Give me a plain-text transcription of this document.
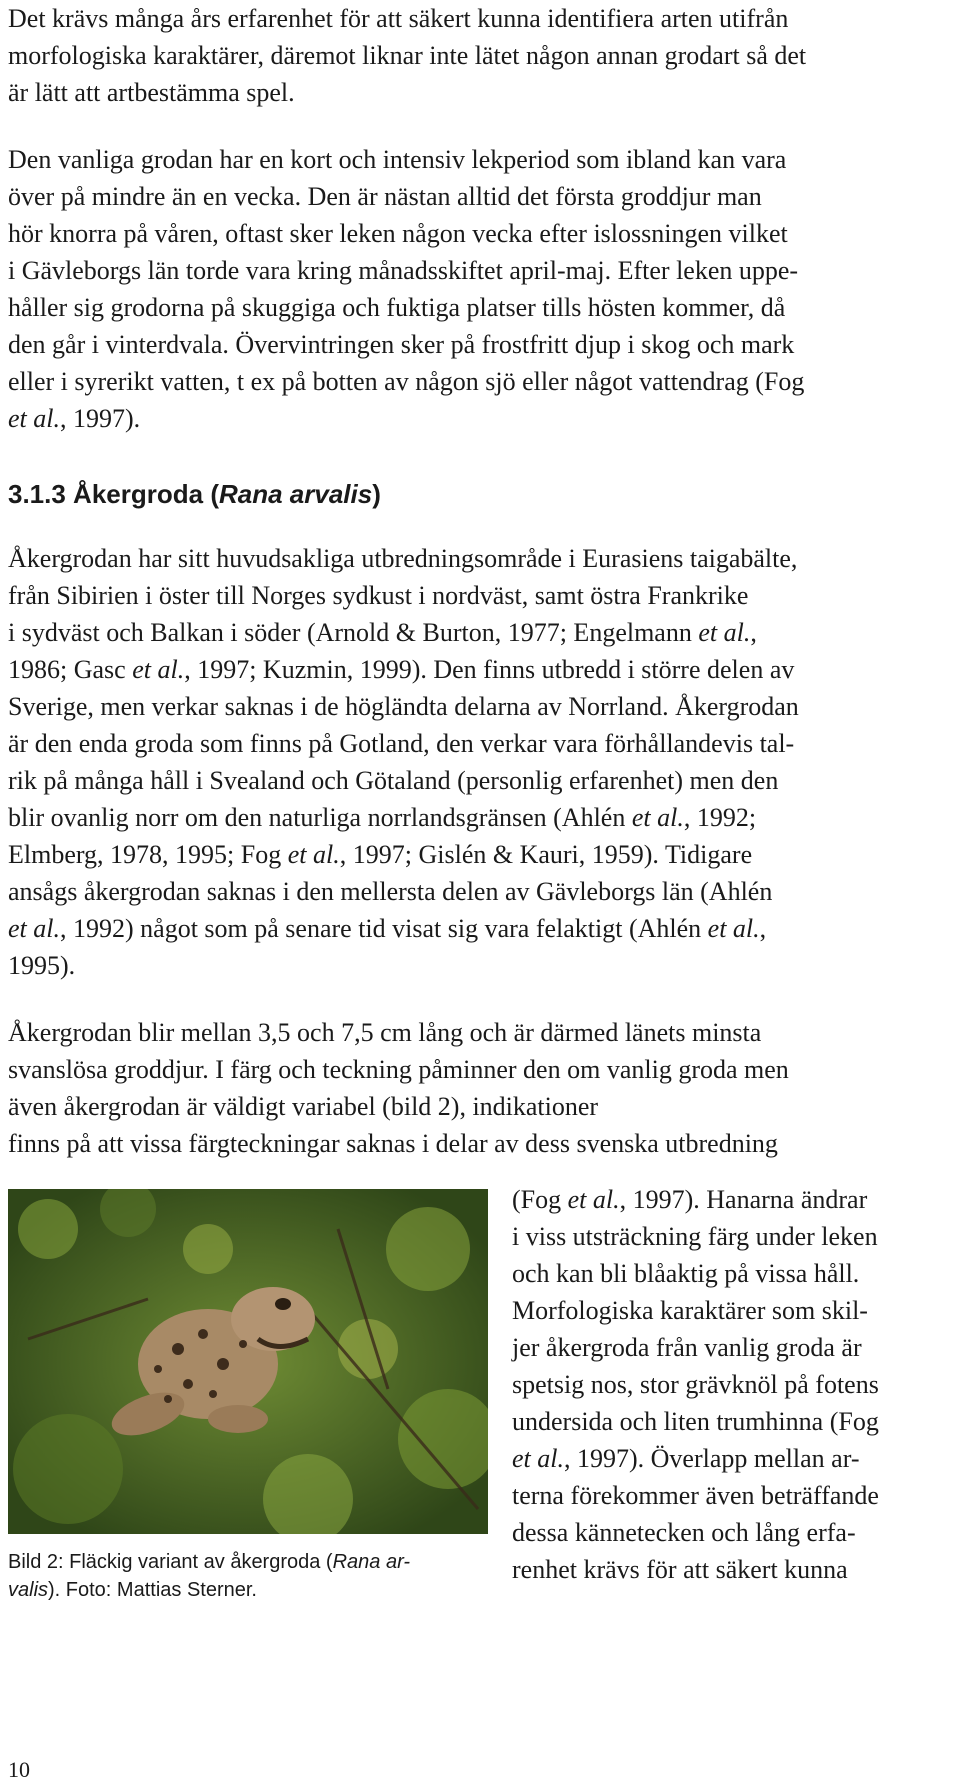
Det krävs många års erfarenhet för att säkert kunna identifiera arten utifrån
morfologiska karaktärer, däremot liknar inte lätet någon annan grodart så det
är lätt att artbestämma spel.

Den vanliga grodan har en kort och intensiv lekperiod som ibland kan vara
över på mindre än en vecka. Den är nästan alltid det första groddjur man
hör knorra på våren, oftast sker leken någon vecka efter islossningen vilket
i Gävleborgs län torde vara kring månadsskiftet april-maj. Efter leken uppe-
håller sig grodorna på skuggiga och fuktiga platser tills hösten kommer, då
den går i vinterdvala. Övervintringen sker på frostfritt djup i skog och mark
eller i syrerikt vatten, t ex på botten av någon sjö eller något vattendrag (Fog
et al., 1997).

3.1.3 Åkergroda (Rana arvalis)

Åkergrodan har sitt huvudsakliga utbredningsområde i Eurasiens taigabälte,
från Sibirien i öster till Norges sydkust i nordväst, samt östra Frankrike
i sydväst och Balkan i söder (Arnold & Burton, 1977; Engelmann et al.,
1986; Gasc et al., 1997; Kuzmin, 1999). Den finns utbredd i större delen av
Sverige, men verkar saknas i de högländta delarna av Norrland. Åkergrodan
är den enda groda som finns på Gotland, den verkar vara förhållandevis tal-
rik på många håll i Svealand och Götaland (personlig erfarenhet) men den
blir ovanlig norr om den naturliga norrlandsgränsen (Ahlén et al., 1992;
Elmberg, 1978, 1995; Fog et al., 1997; Gislén & Kauri, 1959). Tidigare
ansågs åkergrodan saknas i den mellersta delen av Gävleborgs län (Ahlén
et al., 1992) något som på senare tid visat sig vara felaktigt (Ahlén et al.,
1995).

Åkergrodan blir mellan 3,5 och 7,5 cm lång och är därmed länets minsta
svanslösa groddjur. I färg och teckning påminner den om vanlig groda men
även åkergrodan är väldigt variabel (bild 2), indikationer
finns på att vissa färgteckningar saknas i delar av dess svenska utbredning

Bild 2: Fläckig variant av åkergroda (Rana ar-
valis). Foto: Mattias Sterner.

(Fog et al., 1997). Hanarna ändrar
i viss utsträckning färg under leken
och kan bli blåaktig på vissa håll.
Morfologiska karaktärer som skil-
jer åkergroda från vanlig groda är
spetsig nos, stor grävknöl på fotens
undersida och liten trumhinna (Fog
et al., 1997). Överlapp mellan ar-
terna förekommer även beträffande
dessa kännetecken och lång erfa-
renhet krävs för att säkert kunna

10
